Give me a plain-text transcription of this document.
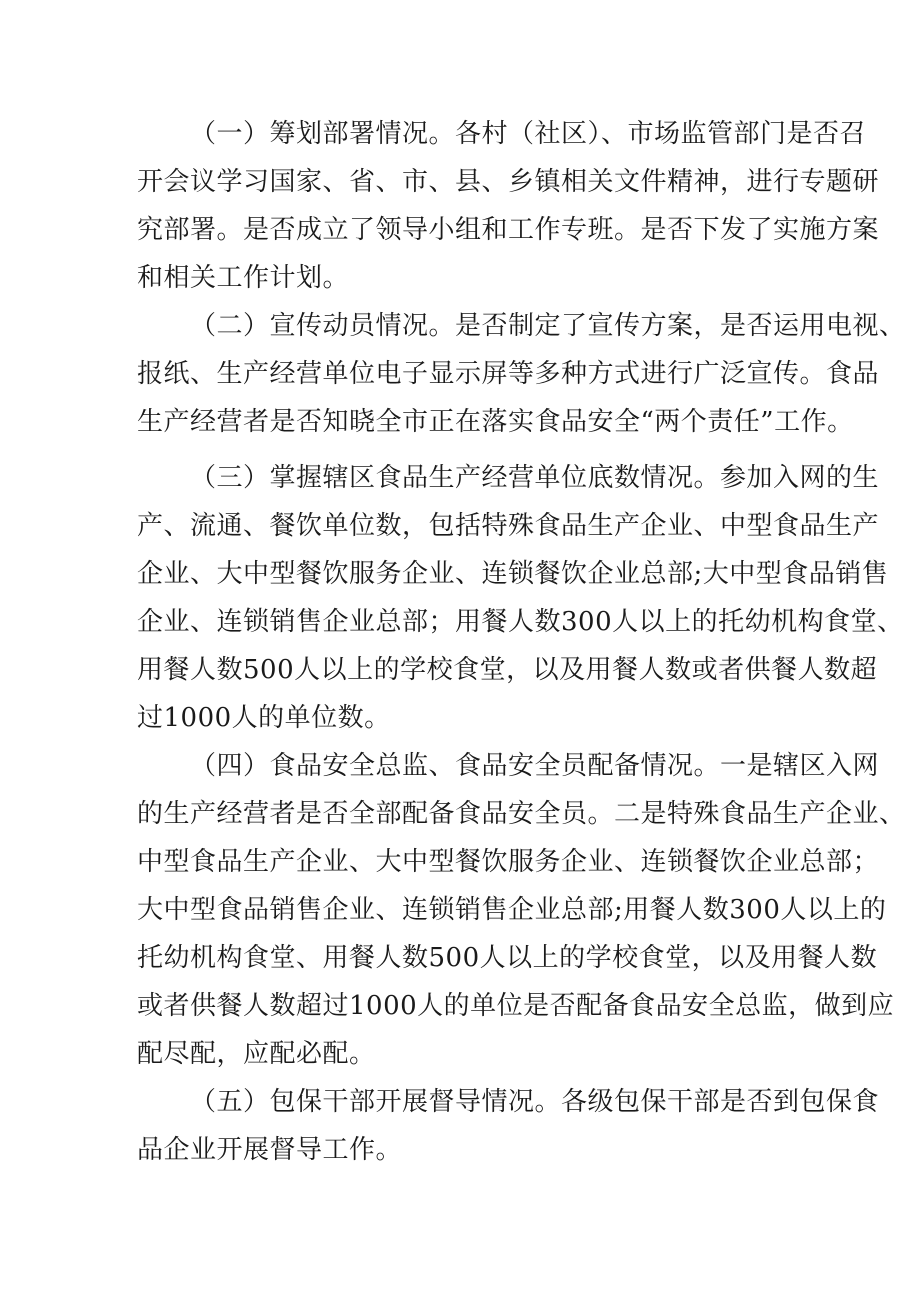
（一）筹划部署情况。各村（社区）、市场监管部门是否召
开会议学习国家、省、市、县、乡镇相关文件精神，进行专题研
究部署。是否成立了领导小组和工作专班。是否下发了实施方案
和相关工作计划。
（二）宣传动员情况。是否制定了宣传方案，是否运用电视、
报纸、生产经营单位电子显示屏等多种方式进行广泛宣传。食品
生产经营者是否知晓全市正在落实食品安全“两个责任”工作。
（三）掌握辖区食品生产经营单位底数情况。参加入网的生
产、流通、餐饮单位数，包括特殊食品生产企业、中型食品生产
企业、大中型餐饮服务企业、连锁餐饮企业总部;大中型食品销售
企业、连锁销售企业总部；用餐人数300人以上的托幼机构食堂、
用餐人数500人以上的学校食堂，以及用餐人数或者供餐人数超
过1000人的单位数。
（四）食品安全总监、食品安全员配备情况。一是辖区入网
的生产经营者是否全部配备食品安全员。二是特殊食品生产企业、
中型食品生产企业、大中型餐饮服务企业、连锁餐饮企业总部；
大中型食品销售企业、连锁销售企业总部;用餐人数300人以上的
托幼机构食堂、用餐人数500人以上的学校食堂，以及用餐人数
或者供餐人数超过1000人的单位是否配备食品安全总监，做到应
配尽配，应配必配。
（五）包保干部开展督导情况。各级包保干部是否到包保食
品企业开展督导工作。
